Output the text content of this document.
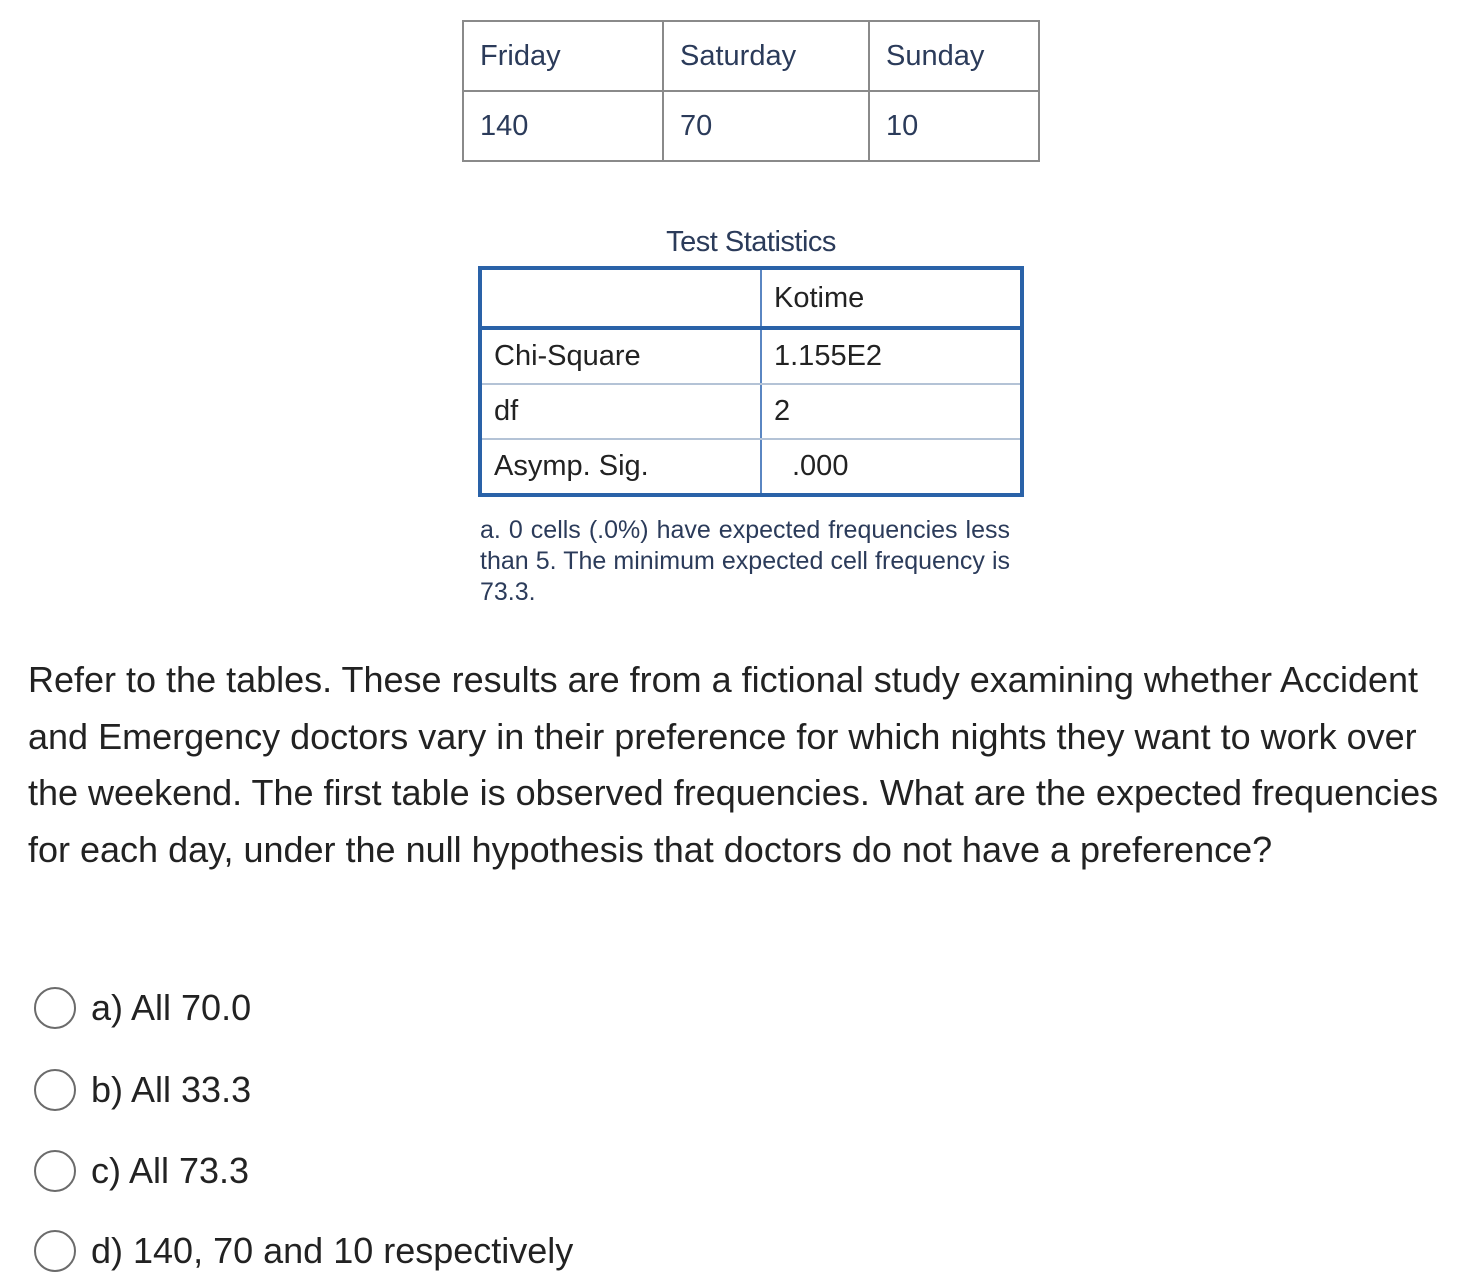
Friday	Saturday	Sunday
140	70	10
Test Statistics
	Kotime
Chi-Square	1.155E2
df	2
Asymp. Sig.	.000
a. 0 cells (.0%) have expected frequencies less than 5. The minimum expected cell frequency is 73.3.
Refer to the tables. These results are from a fictional study examining whether Accident and Emergency doctors vary in their preference for which nights they want to work over the weekend. The first table is observed frequencies. What are the expected frequencies for each day, under the null hypothesis that doctors do not have a preference?
a) All 70.0
b) All 33.3
c) All 73.3
d) 140, 70 and 10 respectively
